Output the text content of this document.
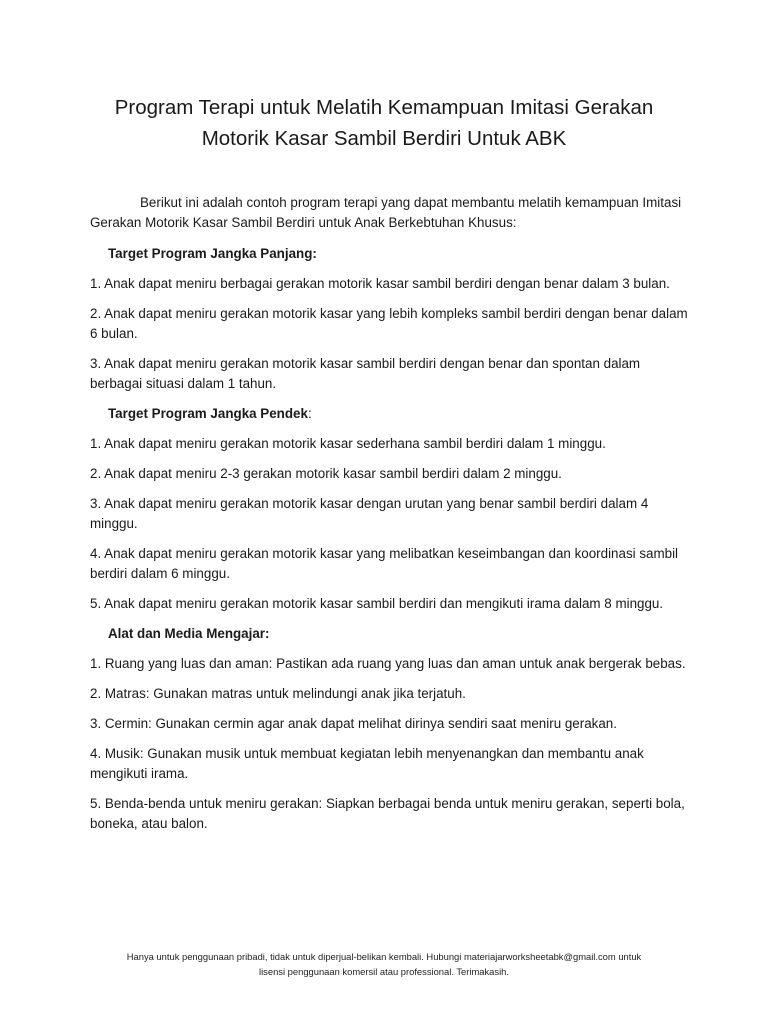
Program Terapi untuk Melatih Kemampuan Imitasi Gerakan
Motorik Kasar Sambil Berdiri Untuk ABK

Berikut ini adalah contoh program terapi yang dapat membantu melatih kemampuan Imitasi Gerakan Motorik Kasar Sambil Berdiri untuk Anak Berkebtuhan Khusus:

Target Program Jangka Panjang:

1. Anak dapat meniru berbagai gerakan motorik kasar sambil berdiri dengan benar dalam 3 bulan.

2. Anak dapat meniru gerakan motorik kasar yang lebih kompleks sambil berdiri dengan benar dalam 6 bulan.

3. Anak dapat meniru gerakan motorik kasar sambil berdiri dengan benar dan spontan dalam berbagai situasi dalam 1 tahun.

Target Program Jangka Pendek:

1. Anak dapat meniru gerakan motorik kasar sederhana sambil berdiri dalam 1 minggu.

2. Anak dapat meniru 2-3 gerakan motorik kasar sambil berdiri dalam 2 minggu.

3. Anak dapat meniru gerakan motorik kasar dengan urutan yang benar sambil berdiri dalam 4 minggu.

4. Anak dapat meniru gerakan motorik kasar yang melibatkan keseimbangan dan koordinasi sambil berdiri dalam 6 minggu.

5. Anak dapat meniru gerakan motorik kasar sambil berdiri dan mengikuti irama dalam 8 minggu.

Alat dan Media Mengajar:

1. Ruang yang luas dan aman: Pastikan ada ruang yang luas dan aman untuk anak bergerak bebas.

2. Matras: Gunakan matras untuk melindungi anak jika terjatuh.

3. Cermin: Gunakan cermin agar anak dapat melihat dirinya sendiri saat meniru gerakan.

4. Musik: Gunakan musik untuk membuat kegiatan lebih menyenangkan dan membantu anak mengikuti irama.

5. Benda-benda untuk meniru gerakan: Siapkan berbagai benda untuk meniru gerakan, seperti bola, boneka, atau balon.

Hanya untuk penggunaan pribadi, tidak untuk diperjual-belikan kembali. Hubungi materiajarworksheetabk@gmail.com untuk
lisensi penggunaan komersil atau professional. Terimakasih.
